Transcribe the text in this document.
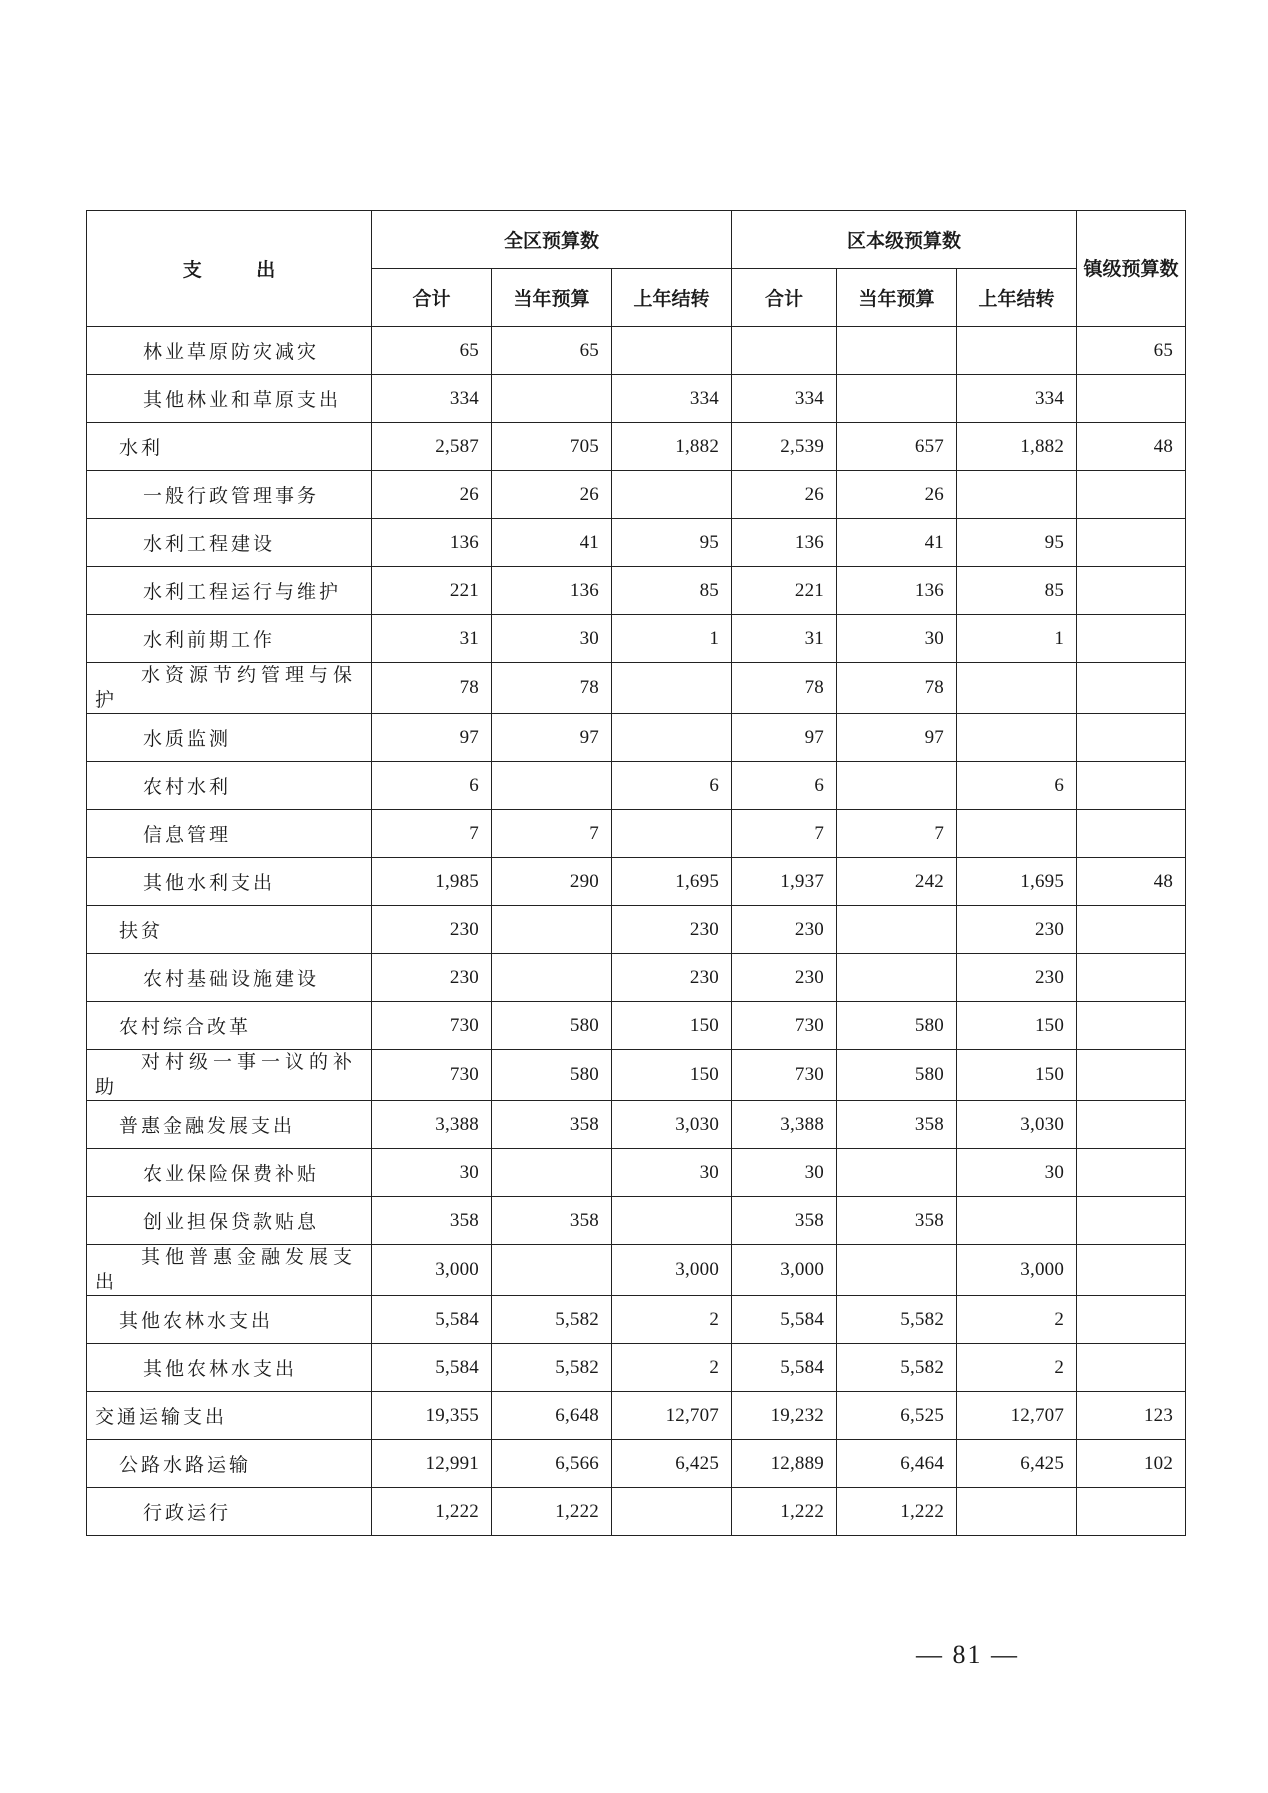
支 出	全区预算数			区本级预算数			镇级预算数
	合计	当年预算	上年结转	合计	当年预算	上年结转	
林业草原防灾减灾	65	65					65
其他林业和草原支出	334		334	334		334	
水利	2,587	705	1,882	2,539	657	1,882	48
一般行政管理事务	26	26		26	26		
水利工程建设	136	41	95	136	41	95	
水利工程运行与维护	221	136	85	221	136	85	
水利前期工作	31	30	1	31	30	1	
水资源节约管理与保护	78	78		78	78		
水质监测	97	97		97	97		
农村水利	6		6	6		6	
信息管理	7	7		7	7		
其他水利支出	1,985	290	1,695	1,937	242	1,695	48
扶贫	230		230	230		230	
农村基础设施建设	230		230	230		230	
农村综合改革	730	580	150	730	580	150	
对村级一事一议的补助	730	580	150	730	580	150	
普惠金融发展支出	3,388	358	3,030	3,388	358	3,030	
农业保险保费补贴	30		30	30		30	
创业担保贷款贴息	358	358		358	358		
其他普惠金融发展支出	3,000		3,000	3,000		3,000	
其他农林水支出	5,584	5,582	2	5,584	5,582	2	
其他农林水支出	5,584	5,582	2	5,584	5,582	2	
交通运输支出	19,355	6,648	12,707	19,232	6,525	12,707	123
公路水路运输	12,991	6,566	6,425	12,889	6,464	6,425	102
行政运行	1,222	1,222		1,222	1,222		
— 81 —
